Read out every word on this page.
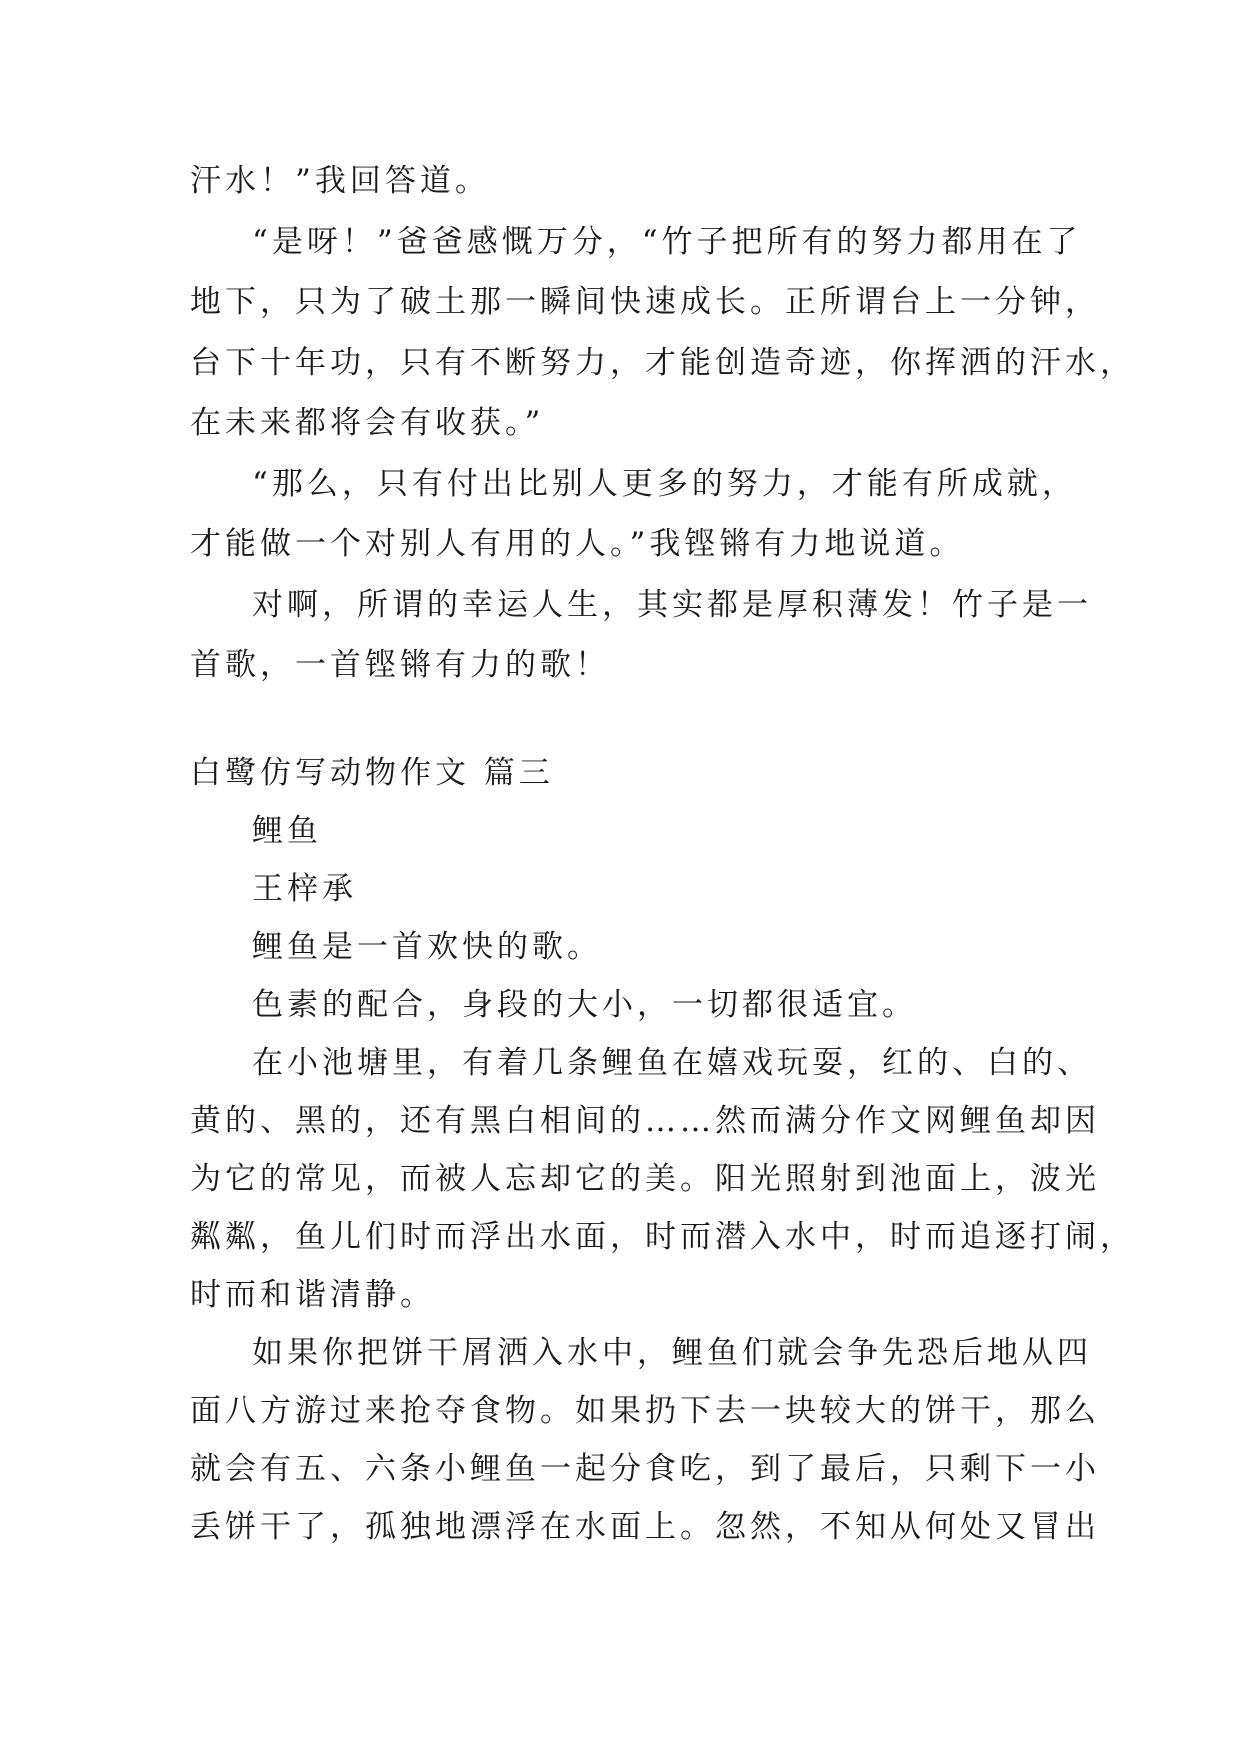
汗水！”我回答道。
“是呀！”爸爸感慨万分，“竹子把所有的努力都用在了
地下，只为了破土那一瞬间快速成长。正所谓台上一分钟，
台下十年功，只有不断努力，才能创造奇迹，你挥洒的汗水，
在未来都将会有收获。”
“那么，只有付出比别人更多的努力，才能有所成就，
才能做一个对别人有用的人。”我铿锵有力地说道。
对啊，所谓的幸运人生，其实都是厚积薄发！竹子是一
首歌，一首铿锵有力的歌！
白鹭仿写动物作文 篇三
鲤鱼
王梓承
鲤鱼是一首欢快的歌。
色素的配合，身段的大小，一切都很适宜。
在小池塘里，有着几条鲤鱼在嬉戏玩耍，红的、白的、
黄的、黑的，还有黑白相间的……然而满分作文网鲤鱼却因
为它的常见，而被人忘却它的美。阳光照射到池面上，波光
粼粼，鱼儿们时而浮出水面，时而潜入水中，时而追逐打闹，
时而和谐清静。
如果你把饼干屑洒入水中，鲤鱼们就会争先恐后地从四
面八方游过来抢夺食物。如果扔下去一块较大的饼干，那么
就会有五、六条小鲤鱼一起分食吃，到了最后，只剩下一小
丢饼干了，孤独地漂浮在水面上。忽然，不知从何处又冒出
